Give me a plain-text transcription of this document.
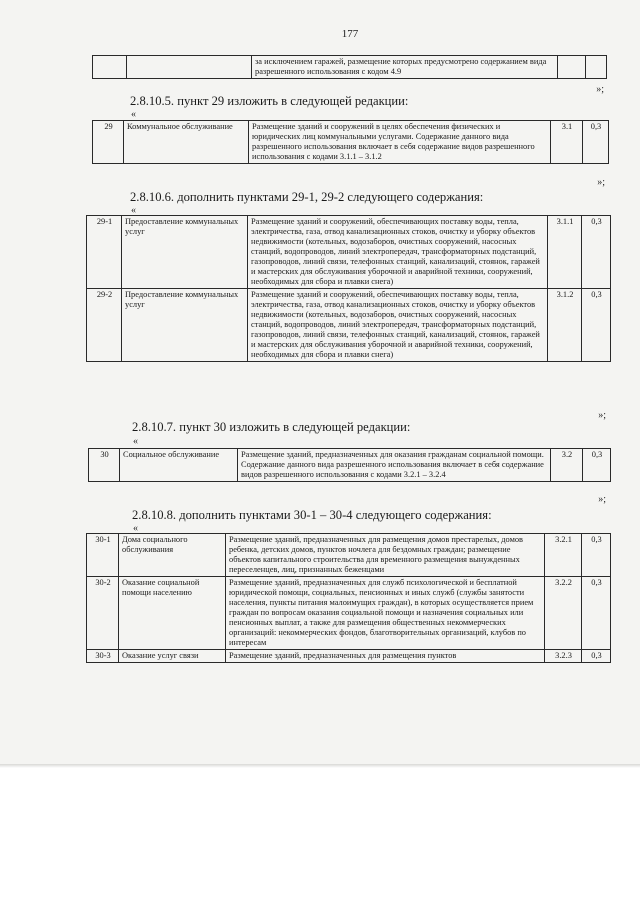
177
		за исключением гаражей, размещение которых предусмотрено содержанием вида разрешенного использования с кодом 4.9		
»;
2.8.10.5. пункт 29 изложить в следующей редакции:
«
29	Коммунальное обслуживание	Размещение зданий и сооружений в целях обеспечения физических и юридических лиц коммунальными услугами. Содержание данного вида разрешенного использования включает в себя содержание видов разрешенного использования с кодами 3.1.1 – 3.1.2	3.1	0,3
»;
2.8.10.6. дополнить пунктами 29-1, 29-2 следующего содержания:
«
29-1	Предоставление коммунальных услуг	Размещение зданий и сооружений, обеспечивающих поставку воды, тепла, электричества, газа, отвод канализационных стоков, очистку и уборку объектов недвижимости (котельных, водозаборов, очистных сооружений, насосных станций, водопроводов, линий электропередач, трансформаторных подстанций, газопроводов, линий связи, телефонных станций, канализаций, стоянок, гаражей и мастерских для обслуживания уборочной и аварийной техники, сооружений, необходимых для сбора и плавки снега)	3.1.1	0,3
29-2	Предоставление коммунальных услуг	Размещение зданий и сооружений, обеспечивающих поставку воды, тепла, электричества, газа, отвод канализационных стоков, очистку и уборку объектов недвижимости (котельных, водозаборов, очистных сооружений, насосных станций, водопроводов, линий электропередач, трансформаторных подстанций, газопроводов, линий связи, телефонных станций, канализаций, стоянок, гаражей и мастерских для обслуживания уборочной и аварийной техники, сооружений, необходимых для сбора и плавки снега)	3.1.2	0,3
»;
2.8.10.7. пункт 30 изложить в следующей редакции:
«
30	Социальное обслуживание	Размещение зданий, предназначенных для оказания гражданам социальной помощи. Содержание данного вида разрешенного использования включает в себя содержание видов разрешенного использования с кодами 3.2.1 – 3.2.4	3.2	0,3
»;
2.8.10.8. дополнить пунктами 30-1 – 30-4 следующего содержания:
«
30-1	Дома социального обслуживания	Размещение зданий, предназначенных для размещения домов престарелых, домов ребенка, детских домов, пунктов ночлега для бездомных граждан; размещение объектов капитального строительства для временного размещения вынужденных переселенцев, лиц, признанных беженцами	3.2.1	0,3
30-2	Оказание социальной помощи населению	Размещение зданий, предназначенных для служб психологической и бесплатной юридической помощи, социальных, пенсионных и иных служб (службы занятости населения, пункты питания малоимущих граждан), в которых осуществляется прием граждан по вопросам оказания социальной помощи и назначения социальных или пенсионных выплат, а также для размещения общественных некоммерческих организаций: некоммерческих фондов, благотворительных организаций, клубов по интересам	3.2.2	0,3
30-3	Оказание услуг связи	Размещение зданий, предназначенных для размещения пунктов	3.2.3	0,3
